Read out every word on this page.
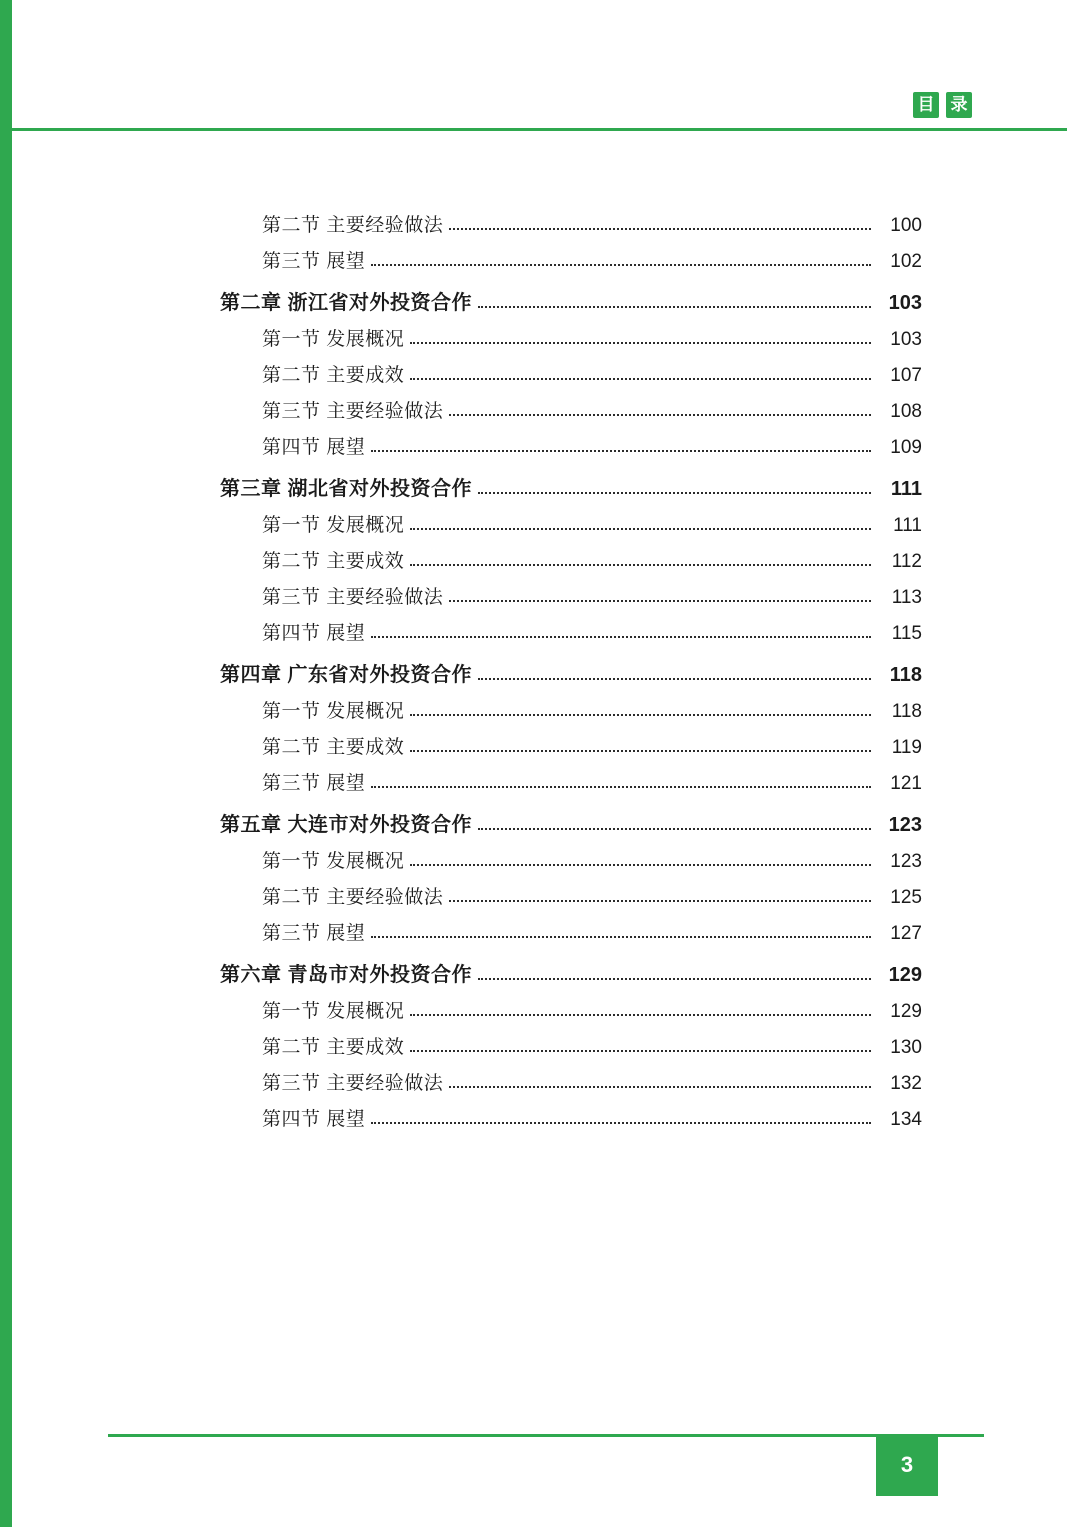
目 录
第二节 主要经验做法	100
第三节 展望	102
第二章 浙江省对外投资合作	103
第一节 发展概况	103
第二节 主要成效	107
第三节 主要经验做法	108
第四节 展望	109
第三章 湖北省对外投资合作	111
第一节 发展概况	111
第二节 主要成效	112
第三节 主要经验做法	113
第四节 展望	115
第四章 广东省对外投资合作	118
第一节 发展概况	118
第二节 主要成效	119
第三节 展望	121
第五章 大连市对外投资合作	123
第一节 发展概况	123
第二节 主要经验做法	125
第三节 展望	127
第六章 青岛市对外投资合作	129
第一节 发展概况	129
第二节 主要成效	130
第三节 主要经验做法	132
第四节 展望	134
3
